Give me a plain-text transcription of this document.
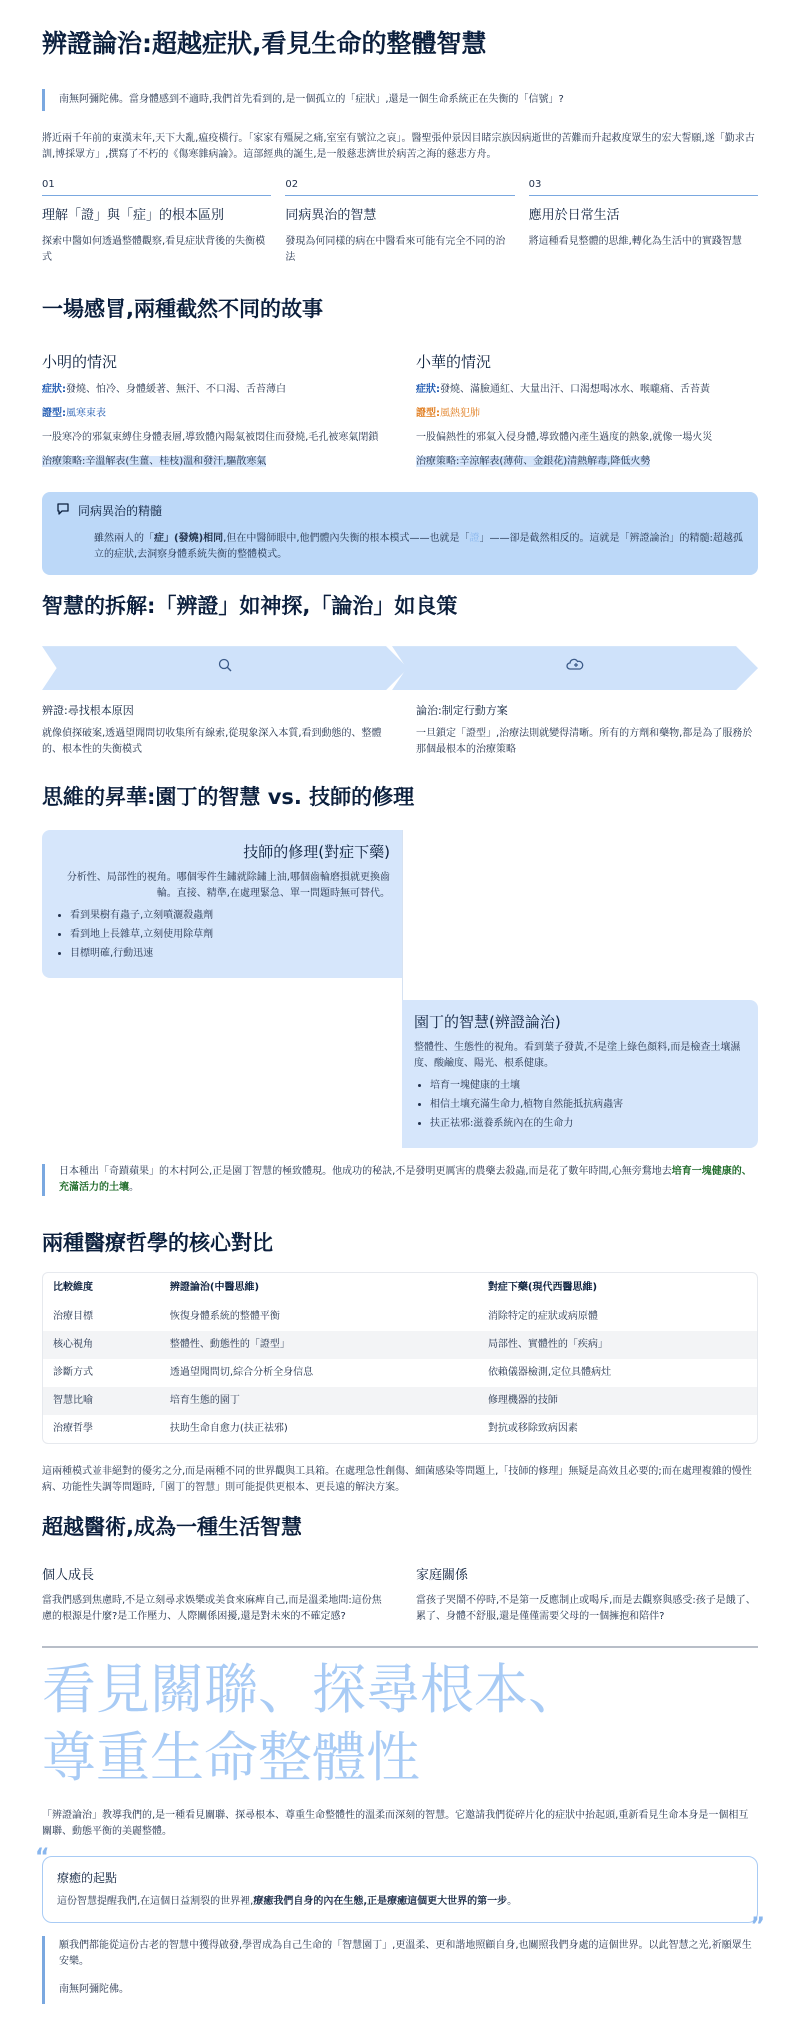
辨證論治:超越症狀,看見生命的整體智慧
南無阿彌陀佛。當身體感到不適時,我們首先看到的,是一個孤立的「症狀」,還是一個生命系統正在失衡的「信號」?

將近兩千年前的東漢末年,天下大亂,瘟疫橫行。「家家有殭屍之痛,室室有號泣之哀」。醫聖張仲景因目睹宗族因病逝世的苦難而升起救度眾生的宏大誓願,遂「勤求古訓,博採眾方」,撰寫了不朽的《傷寒雜病論》。這部經典的誕生,是一般慈悲濟世於病苦之海的慈悲方舟。

01
理解「證」與「症」的根本區別
探索中醫如何透過整體觀察,看見症狀背後的失衡模式
02
同病異治的智慧
發現為何同樣的病在中醫看來可能有完全不同的治法
03
應用於日常生活
將這種看見整體的思維,轉化為生活中的實踐智慧
一場感冒,兩種截然不同的故事
小明的情況

症狀:發燒、怕冷、身體緩著、無汗、不口渴、舌苔薄白

證型:風寒束表

一股寒冷的邪氣束縛住身體表層,導致體內陽氣被悶住而發燒,毛孔被寒氣閉鎖

治療策略:辛溫解表(生薑、桂枝)溫和發汗,驅散寒氣

小華的情況

症狀:發燒、滿臉通紅、大量出汗、口渴想喝冰水、喉嚨痛、舌苔黃

證型:風熱犯肺

一股偏熱性的邪氣入侵身體,導致體內產生過度的熱象,就像一場火災

治療策略:辛涼解表(薄荷、金銀花)清熱解毒,降低火勢

同病異治的精髓
雖然兩人的「症」(發燒)相同,但在中醫師眼中,他們體內失衡的根本模式——也就是「證」——卻是截然相反的。這就是「辨證論治」的精髓:超越孤立的症狀,去洞察身體系統失衡的整體模式。
智慧的拆解:「辨證」如神探,「論治」如良策
辨證:尋找根本原因
就像偵探破案,透過望聞問切收集所有線索,從現象深入本質,看到動態的、整體的、根本性的失衡模式
論治:制定行動方案
一旦鎖定「證型」,治療法則就變得清晰。所有的方劑和藥物,都是為了服務於那個最根本的治療策略
思維的昇華:園丁的智慧 vs. 技師的修理
技師的修理(對症下藥)
分析性、局部性的視角。哪個零件生鏽就除鏽上油,哪個齒輪磨損就更換齒輪。直接、精準,在處理緊急、單一問題時無可替代。
• 看到果樹有蟲子,立刻噴灑殺蟲劑
• 看到地上長雜草,立刻使用除草劑
• 目標明確,行動迅速
園丁的智慧(辨證論治)
整體性、生態性的視角。看到葉子發黃,不是塗上綠色顏料,而是檢查土壤濕度、酸鹼度、陽光、根系健康。
• 培育一塊健康的土壤
• 相信土壤充滿生命力,植物自然能抵抗病蟲害
• 扶正祛邪:滋養系統內在的生命力
日本種出「奇蹟蘋果」的木村阿公,正是園丁智慧的極致體現。他成功的秘訣,不是發明更厲害的農藥去殺蟲,而是花了數年時間,心無旁鶩地去培育一塊健康的、充滿活力的土壤。
兩種醫療哲學的核心對比
比較維度	辨證論治(中醫思維)	對症下藥(現代西醫思維)
治療目標	恢復身體系統的整體平衡	消除特定的症狀或病原體
核心視角	整體性、動態性的「證型」	局部性、實體性的「疾病」
診斷方式	透過望聞問切,綜合分析全身信息	依賴儀器檢測,定位具體病灶
智慧比喻	培育生態的園丁	修理機器的技師
治療哲學	扶助生命自愈力(扶正祛邪)	對抗或移除致病因素

這兩種模式並非絕對的優劣之分,而是兩種不同的世界觀與工具箱。在處理急性創傷、細菌感染等問題上,「技師的修理」無疑是高效且必要的;而在處理複雜的慢性病、功能性失調等問題時,「園丁的智慧」則可能提供更根本、更長遠的解決方案。

超越醫術,成為一種生活智慧
個人成長
當我們感到焦慮時,不是立刻尋求娛樂或美食來麻痺自己,而是溫柔地問:這份焦慮的根源是什麼?是工作壓力、人際關係困擾,還是對未來的不確定感?
家庭關係
當孩子哭鬧不停時,不是第一反應制止或喝斥,而是去觀察與感受:孩子是餓了、累了、身體不舒服,還是僅僅需要父母的一個擁抱和陪伴?
看見關聯、探尋根本、
尊重生命整體性

「辨證論治」教導我們的,是一種看見關聯、探尋根本、尊重生命整體性的溫柔而深刻的智慧。它邀請我們從碎片化的症狀中抬起頭,重新看見生命本身是一個相互關聯、動態平衡的美麗整體。

“
療癒的起點
這份智慧提醒我們,在這個日益割裂的世界裡,療癒我們自身的內在生態,正是療癒這個更大世界的第一步。
”
願我們都能從這份古老的智慧中獲得啟發,學習成為自己生命的「智慧園丁」,更溫柔、更和諧地照顧自身,也關照我們身處的這個世界。以此智慧之光,祈願眾生安樂。
南無阿彌陀佛。
